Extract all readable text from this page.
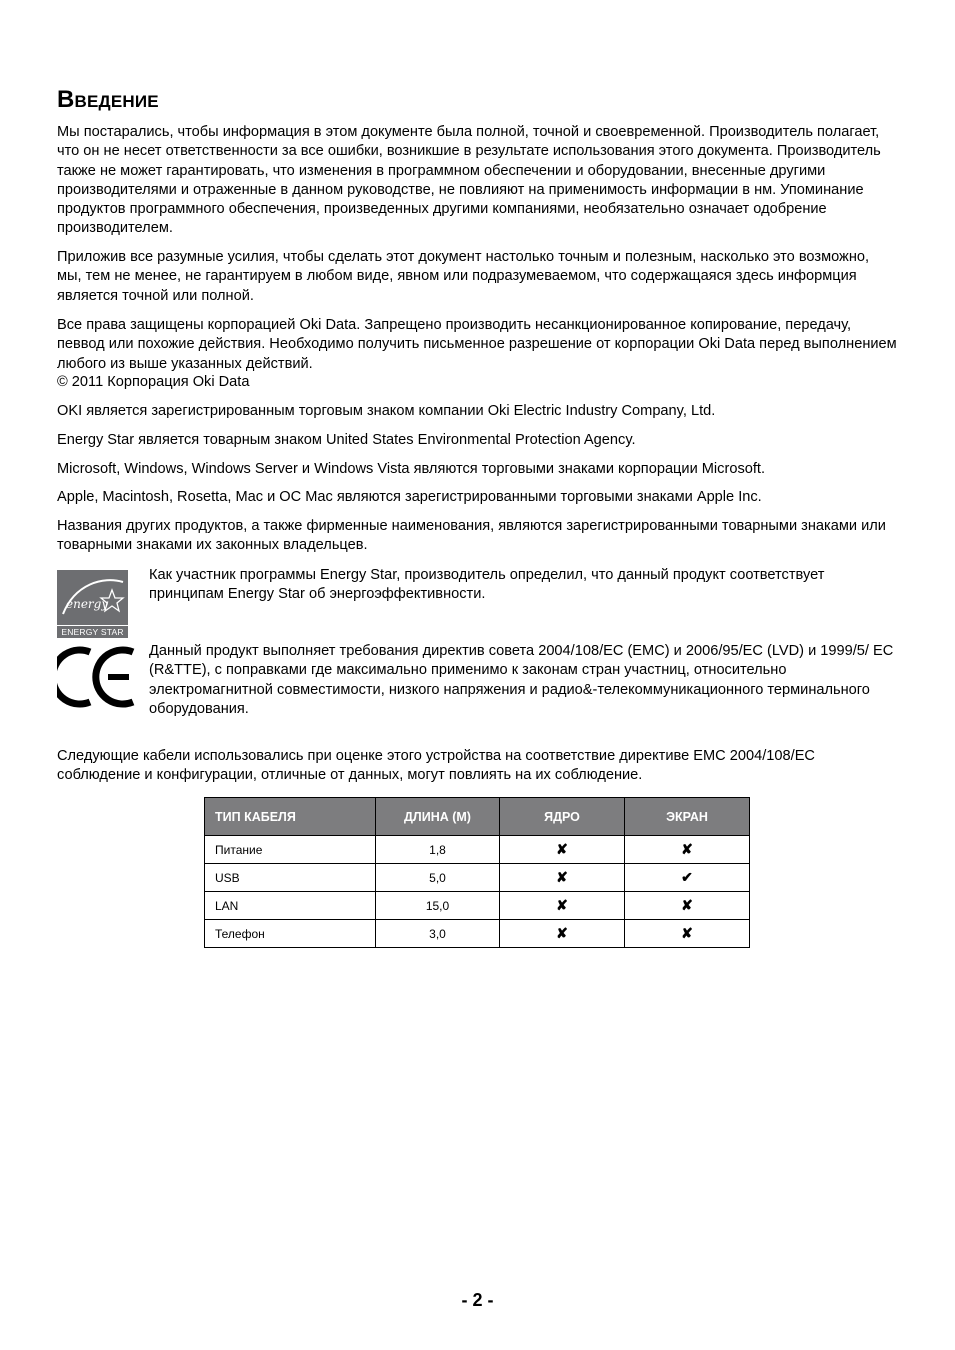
Введение

Мы постарались, чтобы информация в этом документе была полной, точной и своевременной. Производитель полагает, что он не несет ответственности за все ошибки, возникшие в результате использования этого документа. Производитель также не может гарантировать, что изменения в программном обеспечении и оборудовании, внесенные другими производителями и отраженные в данном руководстве, не повлияют на применимость информации в нм. Упоминание продуктов программного обеспечения, произведенных другими компаниями, необязательно означает одобрение производителем.

Приложив все разумные усилия, чтобы сделать этот документ настолько точным и полезным, насколько это возможно, мы, тем не менее, не гарантируем в любом виде, явном или подразумеваемом, что содержащаяся здесь информция является точной или полной.

Все права защищены корпорацией Oki Data. Запрещено производить несанкционированное копирование, передачу, певвод или похожие действия. Необходимо получить письменное разрешение от корпорации Oki Data перед выполнением любого из выше указанных действий.

© 2011 Корпорация Oki Data

OKI является зарегистрированным торговым знаком компании Oki Electric Industry Company, Ltd.

Energy Star является товарным знаком United States Environmental Protection Agency.

Microsoft, Windows, Windows Server и Windows Vista являются торговыми знаками корпорации Microsoft.

Apple, Macintosh, Rosetta, Mac и OC Mac являются зарегистрированными торговыми знаками Apple Inc.

Названия других продуктов, а также фирменные наименования, являются зарегистрированными товарными знаками или товарными знаками их законных владельцев.

energy
ENERGY STAR
Как участник программы Energy Star, производитель определил, что данный продукт соответствует принципам Energy Star об энергоэффективности.
Данный продукт выполняет требования директив совета 2004/108/EC (EMC) и 2006/95/EC (LVD) и 1999/5/ EC (R&TTE), с поправками где максимально применимо к законам стран участниц, относительно электромагнитной совместимости, низкого напряжения и радио&-телекоммуникационного терминального оборудования.

Следующие кабели использовались при оценке этого устройства на соответствие директиве EMC 2004/108/EC соблюдение и конфигурации, отличные от данных, могут повлиять на их соблюдение.

ТИП КАБЕЛЯ	ДЛИНА (М)	ЯДРО	ЭКРАН
Питание	1,8	✘	✘
USB	5,0	✘	✔
LAN	15,0	✘	✘
Телефон	3,0	✘	✘
- 2 -
